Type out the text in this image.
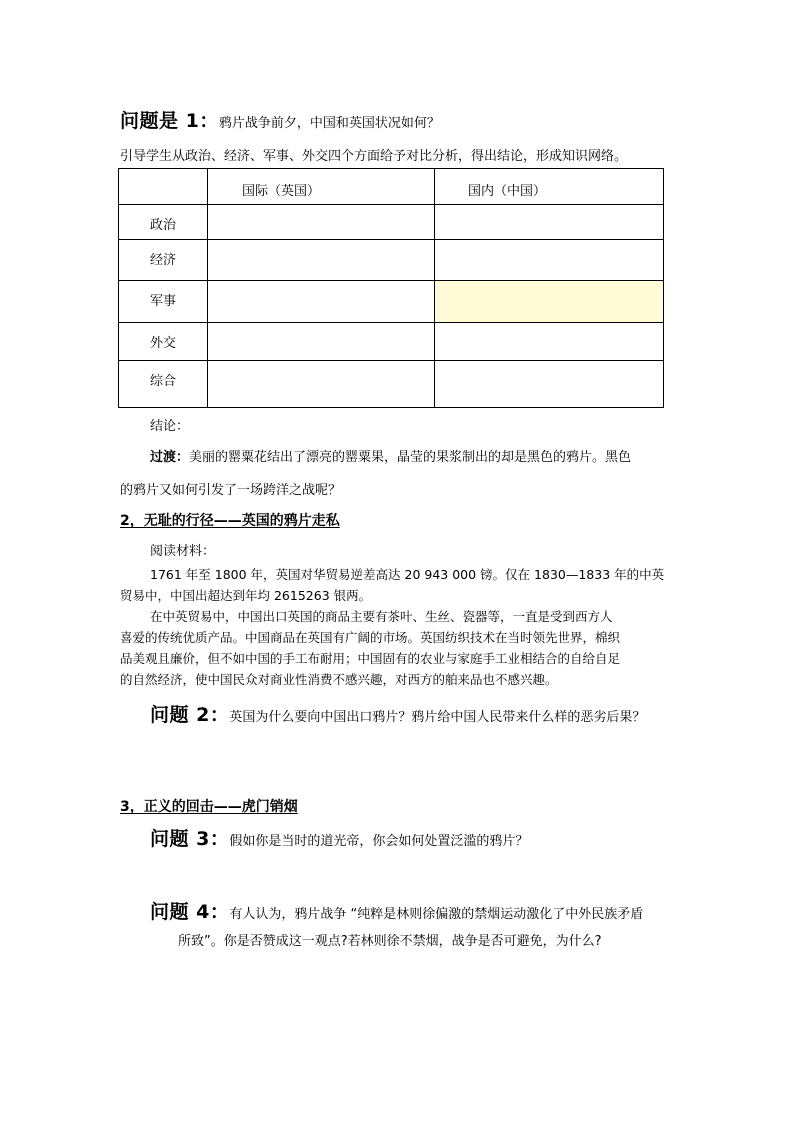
问题是 1：鸦片战争前夕，中国和英国状况如何？
引导学生从政治、经济、军事、外交四个方面给予对比分析，得出结论，形成知识网络。
	国际（英国）	国内（中国）
政治		
经济		
军事		
外交		
综合		
结论：
过渡：美丽的罂粟花结出了漂亮的罂粟果，晶莹的果浆制出的却是黑色的鸦片。黑色
的鸦片又如何引发了一场跨洋之战呢？
2，无耻的行径——英国的鸦片走私
阅读材料：
1761 年至 1800 年，英国对华贸易逆差高达 20 943 000 镑。仅在 1830—1833 年的中英
贸易中，中国出超达到年均 2615263 银两。
在中英贸易中，中国出口英国的商品主要有茶叶、生丝、瓷器等，一直是受到西方人
喜爱的传统优质产品。中国商品在英国有广阔的市场。英国纺织技术在当时领先世界，棉织
品美观且廉价，但不如中国的手工布耐用；中国固有的农业与家庭手工业相结合的自给自足
的自然经济，使中国民众对商业性消费不感兴趣，对西方的舶来品也不感兴趣。
问题 2：英国为什么要向中国出口鸦片？鸦片给中国人民带来什么样的恶劣后果？
3，正义的回击——虎门销烟
问题 3：假如你是当时的道光帝，你会如何处置泛滥的鸦片？
问题 4：有人认为，鸦片战争 “纯粹是林则徐偏激的禁烟运动激化了中外民族矛盾
所致”。你是否赞成这一观点?若林则徐不禁烟，战争是否可避免，为什么?
